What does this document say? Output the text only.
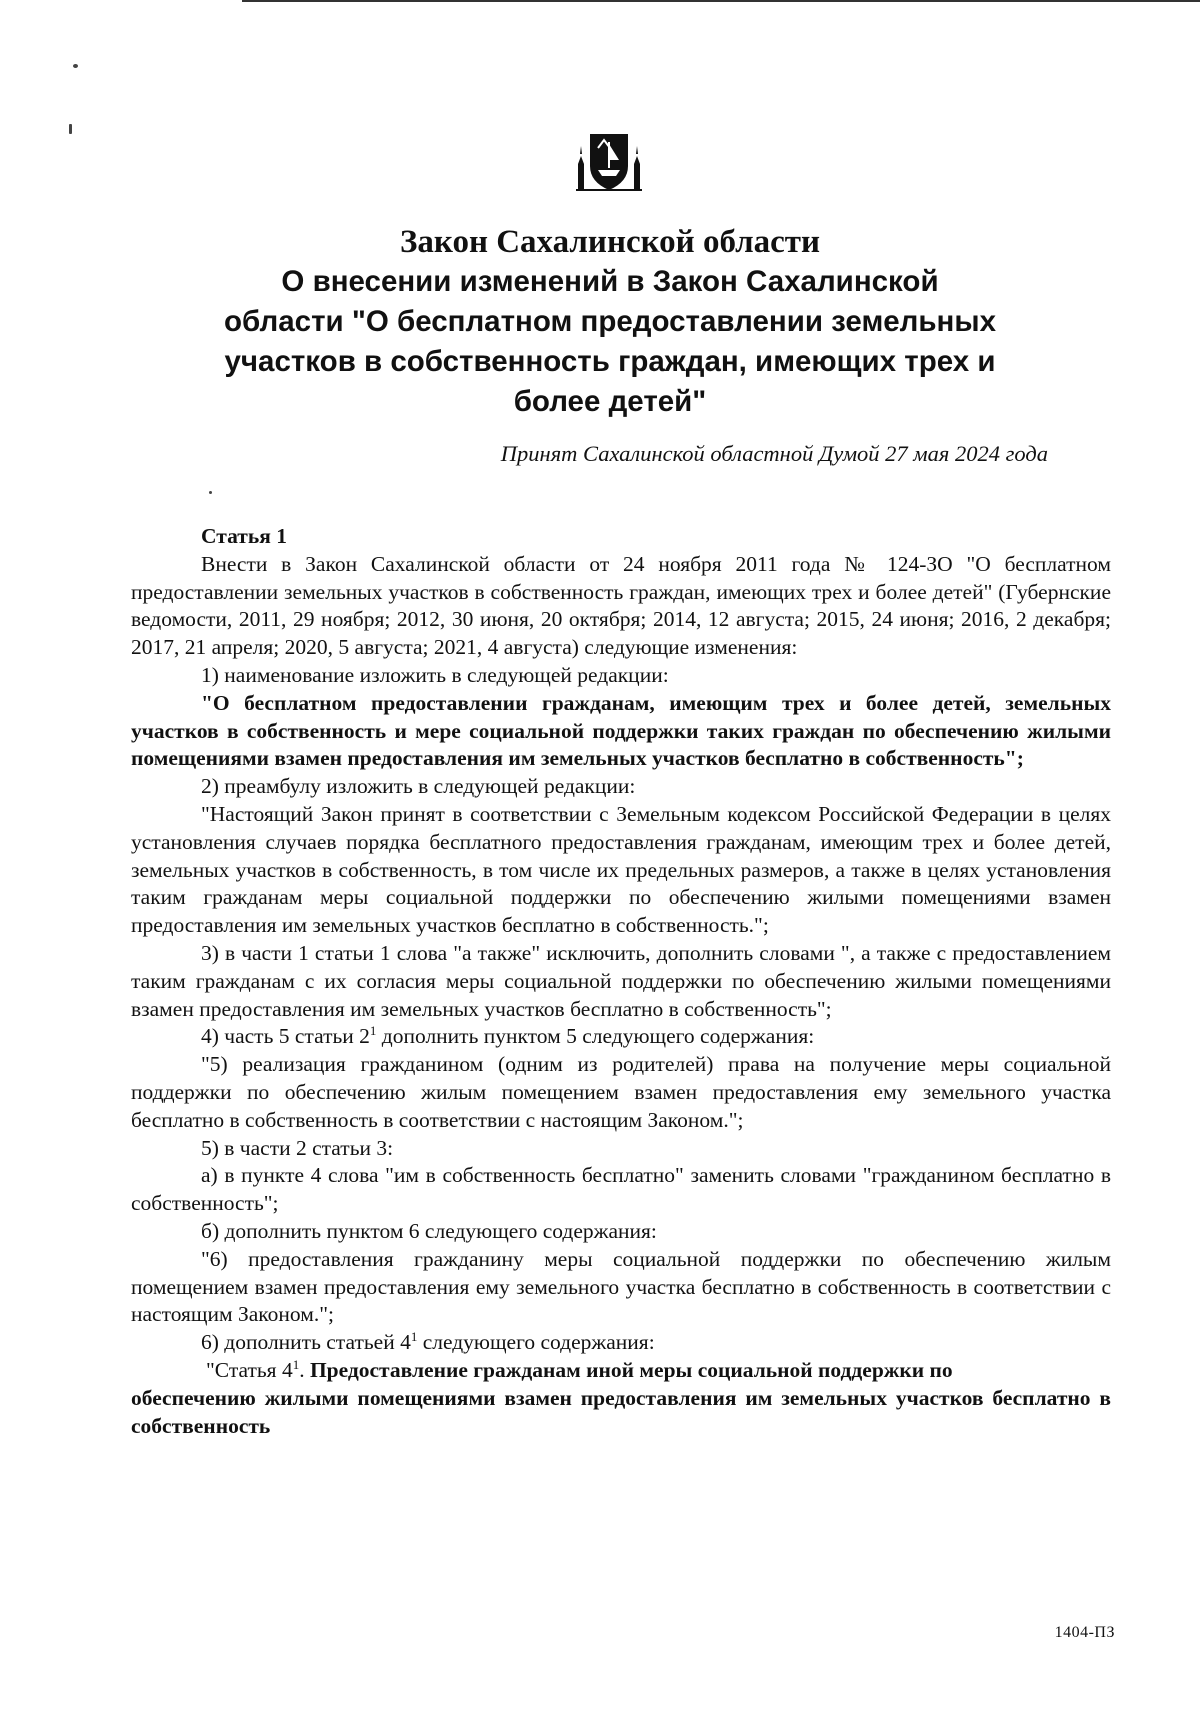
Закон Сахалинской области

О внесении изменений в Закон Сахалинской

области "О бесплатном предоставлении земельных

участков в собственность граждан, имеющих трех и

более детей"

Принят Сахалинской областной Думой 27 мая 2024 года

Статья 1

Внести в Закон Сахалинской области от 24 ноября 2011 года № 124-ЗО "О бесплатном предоставлении земельных участков в собственность граждан, имеющих трех и более детей" (Губернские ведомости, 2011, 29 ноября; 2012, 30 июня, 20 октября; 2014, 12 августа; 2015, 24 июня; 2016, 2 декабря; 2017, 21 апреля; 2020, 5 августа; 2021, 4 августа) следующие изменения:

1) наименование изложить в следующей редакции:

"О бесплатном предоставлении гражданам, имеющим трех и более детей, земельных участков в собственность и мере социальной поддержки таких граждан по обеспечению жилыми помещениями взамен предоставления им земельных участков бесплатно в собственность";

2) преамбулу изложить в следующей редакции:

"Настоящий Закон принят в соответствии с Земельным кодексом Российской Федерации в целях установления случаев порядка бесплатного предоставления гражданам, имеющим трех и более детей, земельных участков в собственность, в том числе их предельных размеров, а также в целях установления таким гражданам меры социальной поддержки по обеспечению жилыми помещениями взамен предоставления им земельных участков бесплатно в собственность.";

3) в части 1 статьи 1 слова "а также" исключить, дополнить словами ", а также с предоставлением таким гражданам с их согласия меры социальной поддержки по обеспечению жилыми помещениями взамен предоставления им земельных участков бесплатно в собственность";

4) часть 5 статьи $2^1$ дополнить пунктом 5 следующего содержания:

"5) реализация гражданином (одним из родителей) права на получение меры социальной поддержки по обеспечению жилым помещением взамен предоставления ему земельного участка бесплатно в собственность в соответствии с настоящим Законом.";

5) в части 2 статьи 3:

а) в пункте 4 слова "им в собственность бесплатно" заменить словами "гражданином бесплатно в собственность";

б) дополнить пунктом 6 следующего содержания:

"6) предоставления гражданину меры социальной поддержки по обеспечению жилым помещением взамен предоставления ему земельного участка бесплатно в собственность в соответствии с настоящим Законом.";

6) дополнить статьей $4^1$ следующего содержания:

"Статья $4^1$. Предоставление гражданам иной меры социальной поддержки по

обеспечению жилыми помещениями взамен предоставления им земельных участков бесплатно в собственность

1404-ПЗ
